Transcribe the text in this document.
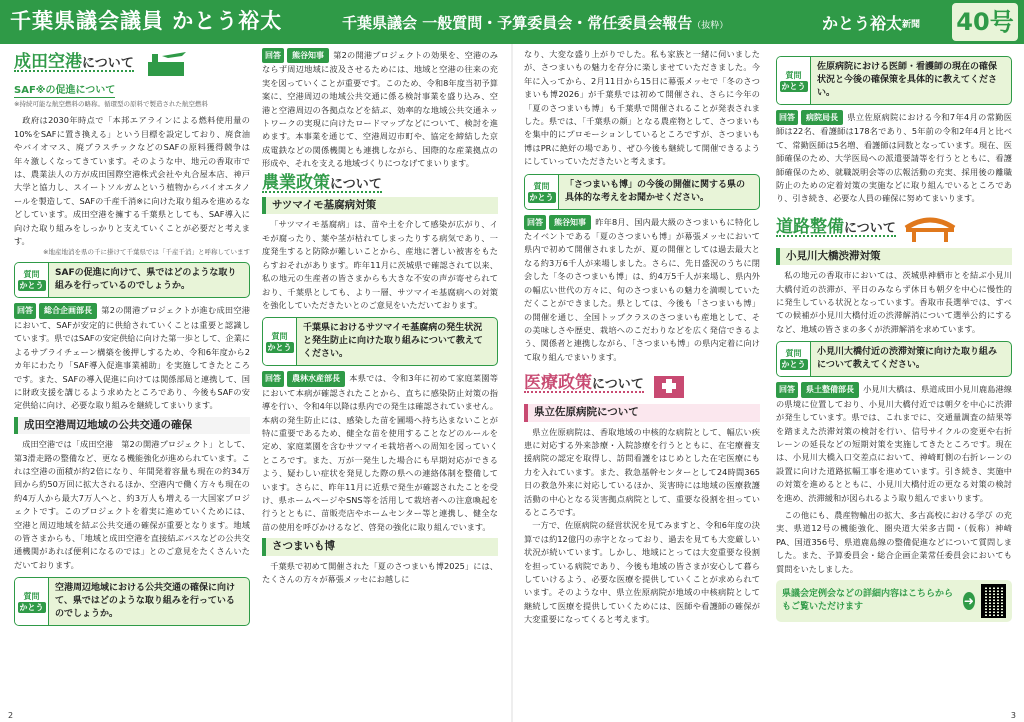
千葉県議会議員 かとう裕太	千葉県議会 一般質問・予算委員会・常任委員会報告（抜粋）	かとう裕太新聞 40号
成田空港について
SAF※の促進について
※持続可能な航空燃料の略称。循環型の原料で製造された航空燃料

政府は2030年時点で「本邦エアラインによる燃料使用量の10%をSAFに置き換える」という目標を設定しており、廃食油やバイオマス、廃プラスチックなどのSAFの原料獲得競争は年々激しくなってきています。そのような中、地元の香取市では、農業法人の方が成田国際空港株式会社や丸合屋本店、神戸大学と協力し、スイートソルガムという植物からバイオエタノールを製造して、SAFの千産千消※に向けた取り組みを進めるなどしています。成田空港を擁する千葉県としても、SAF導入に向けた取り組みをしっかりと支えていくことが必要だと考えます。

※地産地消を県の千に掛けて千葉県では「千産千消」と呼称しています
質問
かとう
SAFの促進に向けて、県ではどのような取り組みを行っているのでしょうか。

回答	総合企画部長	第2の開港プロジェクトが進む成田空港において、SAFが安定的に供給されていくことは重要と認識しています。県ではSAFの安定供給に向けた第一歩として、企業によるサプライチェーン構築を後押しするため、令和6年度から2カ年にわたり「SAF導入促進事業補助」を実施してきたところです。また、SAFの導入促進に向けては関係部局と連携して、国に財政支援を講じるよう求めたところであり、今後もSAFの安定供給に向け、必要な取り組みを継続してまいります。

成田空港周辺地域の公共交通の確保

成田空港では「成田空港　第2の開港プロジェクト」として、第3滑走路の整備など、更なる機能強化が進められています。これは空港の面積が約2倍になり、年間発着容量も現在の約34万回から約50万回に拡大されるほか、空港内で働く方々も現在の約4万人から最大7万人へと、約3万人も増える一大国家プロジェクトです。このプロジェクトを着実に進めていくためには、空港と周辺地域を結ぶ公共交通の確保が重要となります。地域の皆さまからも、「地域と成田空港を直接結ぶバスなどの公共交通機関があれば便利になるのでは」とのご意見をたくさんいただいております。

質問
かとう
空港周辺地域における公共交通の確保に向けて、県ではどのような取り組みを行っているのでしょうか。

回答	熊谷知事	第2の開港プロジェクトの効果を、空港のみならず周辺地域に波及させるためには、地域と空港の往来の充実を図っていくことが重要です。このため、令和8年度当初予算案に、空港周辺の地域公共交通に係る検討事業を盛り込み、空港と空港周辺の各拠点などを結ぶ、効率的な地域公共交通ネットワークの実現に向けたロードマップなどについて、検討を進めます。本事業を通じて、空港周辺市町や、協定を締結した京成電鉄などの関係機関とも連携しながら、国際的な産業拠点の形成や、それを支える地域づくりにつなげてまいります。

農業政策について
サツマイモ基腐病対策

「サツマイモ基腐病」は、苗や土を介して感染が広がり、イモが腐ったり、葉や茎が枯れてしまったりする病気であり、一度発生すると防除が難しいことから、産地に著しい被害をもたらすおそれがあります。昨年11月に茨城県で確認されて以来、私の地元の生産者の皆さまからも大きな不安の声が寄せられており、千葉県としても、より一層、サツマイモ基腐病への対策を強化していただきたいとのご意見をいただいております。

質問
かとう
千葉県におけるサツマイモ基腐病の発生状況と発生防止に向けた取り組みについて教えてください。

回答	農林水産部長	本県では、令和3年に初めて家庭菜園等において本病が確認されたことから、直ちに感染防止対策の指導を行い、令和4年以降は県内での発生は確認されていません。本病の発生防止には、感染した苗を圃場へ持ち込まないことが特に重要であるため、健全な苗を使用することなどのルールを定め、家庭菜園を含むサツマイモ栽培者への周知を図っていくところです。また、万が一発生した場合にも早期対応ができるよう、疑わしい症状を発見した際の県への連絡体制を整備しています。さらに、昨年11月に近県で発生が確認されたことを受け、県ホームページやSNS等を活用して栽培者への注意喚起を行うとともに、苗販売店やホームセンター等と連携し、健全な苗の使用を呼びかけるなど、啓発の強化に取り組んでいます。

さつまいも博

千葉県で初めて開催された「夏のさつまいも博2025」には、たくさんの方々が幕張メッセにお越しに

なり、大変な盛り上がりでした。私も家族と一緒に伺いましたが、さつまいもの魅力を存分に楽しませていただきました。今年に入ってから、2月11日から15日に幕張メッセで「冬のさつまいも博2026」が千葉県では初めて開催され、さらに今年の「夏のさつまいも博」も千葉県で開催されることが発表されました。県では、「千葉県の顔」となる農産物として、さつまいもを集中的にプロモーションしているところですが、さつまいも博はPRに絶好の場であり、ぜひ今後も継続して開催できるようにしていっていただきたいと考えます。

質問
かとう
「さつまいも博」の今後の開催に関する県の具体的な考えをお聞かせください。

回答	熊谷知事	昨年8月、国内最大級のさつまいもに特化したイベントである「夏のさつまいも博」が幕張メッセにおいて県内で初めて開催されましたが、夏の開催としては過去最大となる約3万6千人が来場しました。さらに、先日盛況のうちに閉会した「冬のさつまいも博」は、約4万5千人が来場し、県内外の幅広い世代の方々に、旬のさつまいもの魅力を満喫していただくことができました。県としては、今後も「さつまいも博」の開催を通じ、全国トップクラスのさつまいも産地として、その美味しさや歴史、栽培へのこだわりなどを広く発信できるよう、関係者と連携しながら、「さつまいも博」の県内定着に向けて取り組んでまいります。

医療政策について
県立佐原病院について

県立佐原病院は、香取地域の中核的な病院として、幅広い疾患に対応する外来診療・入院診療を行うとともに、在宅療養支援病院の認定を取得し、訪問看護をはじめとした在宅医療にも力を入れています。また、救急基幹センターとして24時間365日の救急外来に対応しているほか、災害時には地域の医療救護活動の中心となる災害拠点病院として、重要な役割を担っているところです。

一方で、佐原病院の経営状況を見てみますと、令和6年度の決算では約12億円の赤字となっており、過去を見ても大変厳しい状況が続いています。しかし、地域にとっては大変重要な役割を担っている病院であり、今後も地域の皆さまが安心して暮らしていけるよう、必要な医療を提供していくことが求められています。そのような中、県立佐原病院が地域の中核病院として継続して医療を提供していくためには、医師や看護師の確保が大変重要になってくると考えます。

質問
かとう
佐原病院における医師・看護師の現在の確保状況と今後の確保策を具体的に教えてください。

回答	病院局長	県立佐原病院における今和7年4月の常勤医師は22名、看護師は178名であり、5年前の令和2年4月と比べて、常勤医師は5名増、看護師は同数となっています。現在、医師確保のため、大学医局への派遣要請等を行うとともに、看護師確保のため、就職説明会等の広報活動の充実、採用後の離職防止のための定着対策の実施などに取り組んでいるところであり、引き続き、必要な人員の確保に努めてまいります。

道路整備について
小見川大橋渋滞対策

私の地元の香取市においては、茨城県神栖市とを結ぶ小見川大橋付近の渋滞が、平日のみならず休日も朝夕を中心に慢性的に発生している状況となっています。香取市長選挙では、すべての候補が小見川大橋付近の渋滞解消について選挙公約にするなど、地域の皆さまの多くが渋滞解消を求めています。

質問
かとう
小見川大橋付近の渋滞対策に向けた取り組みについて教えてください。

回答	県土整備部長	小見川大橋は、県道成田小見川鹿島港線の県境に位置しており、小見川大橋付近では朝夕を中心に渋滞が発生しています。県では、これまでに、交通量調査の結果等を踏まえた渋滞対策の検討を行い、信号サイクルの変更や右折レーンの延長などの短期対策を実施してきたところです。現在は、小見川大橋入口交差点において、神崎町側の右折レーンの設置に向けた道路拡幅工事を進めています。引き続き、実施中の対策を進めるとともに、小見川大橋付近の更なる対策の検討を進め、渋滞緩和が図られるよう取り組んでまいります。

この他にも、農産物輸出の拡大、多古高校における学び の充実、県道12号の機能強化、圏央道大栄多古間・（仮称）神崎PA、国道356号、県道鹿島線の整備促進などについて質問しました。また、予算委員会・総合企画企業常任委員会においても質問をいたしました。

県議会定例会などの詳細内容はこちらからもご覧いただけます	➜
2	3
